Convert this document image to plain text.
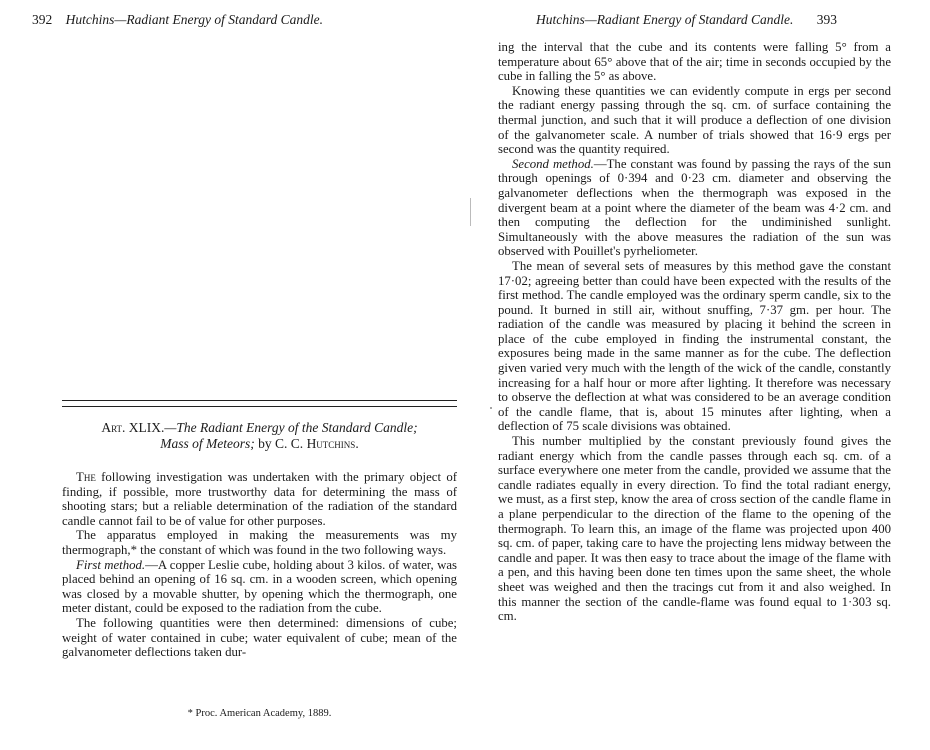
392 Hutchins—Radiant Energy of Standard Candle.
Art. XLIX.—The Radiant Energy of the Standard Candle;
Mass of Meteors; by C. C. Hutchins.

The following investigation was undertaken with the primary object of finding, if possible, more trustworthy data for determining the mass of shooting stars; but a reliable determination of the radiation of the standard candle cannot fail to be of value for other purposes.

The apparatus employed in making the measurements was my thermograph,* the constant of which was found in the two following ways.

First method.—A copper Leslie cube, holding about 3 kilos. of water, was placed behind an opening of 16 sq. cm. in a wooden screen, which opening was closed by a movable shutter, by opening which the thermograph, one meter distant, could be exposed to the radiation from the cube.

The following quantities were then determined: dimensions of cube; weight of water contained in cube; water equivalent of cube; mean of the galvanometer deflections taken dur-

* Proc. American Academy, 1889.
Hutchins—Radiant Energy of Standard Candle. 393

ing the interval that the cube and its contents were falling 5° from a temperature about 65° above that of the air; time in seconds occupied by the cube in falling the 5° as above.

Knowing these quantities we can evidently compute in ergs per second the radiant energy passing through the sq. cm. of surface containing the thermal junction, and such that it will produce a deflection of one division of the galvanometer scale. A number of trials showed that 16·9 ergs per second was the quantity required.

Second method.—The constant was found by passing the rays of the sun through openings of 0·394 and 0·23 cm. diameter and observing the galvanometer deflections when the thermograph was exposed in the divergent beam at a point where the diameter of the beam was 4·2 cm. and then computing the deflection for the undiminished sunlight. Simultaneously with the above measures the radiation of the sun was observed with Pouillet's pyrheliometer.

The mean of several sets of measures by this method gave the constant 17·02; agreeing better than could have been expected with the results of the first method. The candle employed was the ordinary sperm candle, six to the pound. It burned in still air, without snuffing, 7·37 gm. per hour. The radiation of the candle was measured by placing it behind the screen in place of the cube employed in finding the instrumental constant, the exposures being made in the same manner as for the cube. The deflection given varied very much with the length of the wick of the candle, constantly increasing for a half hour or more after lighting. It therefore was necessary to observe the deflection at what was considered to be an average condition of the candle flame, that is, about 15 minutes after lighting, when a deflection of 75 scale divisions was obtained.

This number multiplied by the constant previously found gives the radiant energy which from the candle passes through each sq. cm. of a surface everywhere one meter from the candle, provided we assume that the candle radiates equally in every direction. To find the total radiant energy, we must, as a first step, know the area of cross section of the candle flame in a plane perpendicular to the direction of the flame to the opening of the thermograph. To learn this, an image of the flame was projected upon 400 sq. cm. of paper, taking care to have the projecting lens midway between the candle and paper. It was then easy to trace about the image of the flame with a pen, and this having been done ten times upon the same sheet, the whole sheet was weighed and then the tracings cut from it and also weighed. In this manner the section of the candle-flame was found equal to 1·303 sq. cm.
